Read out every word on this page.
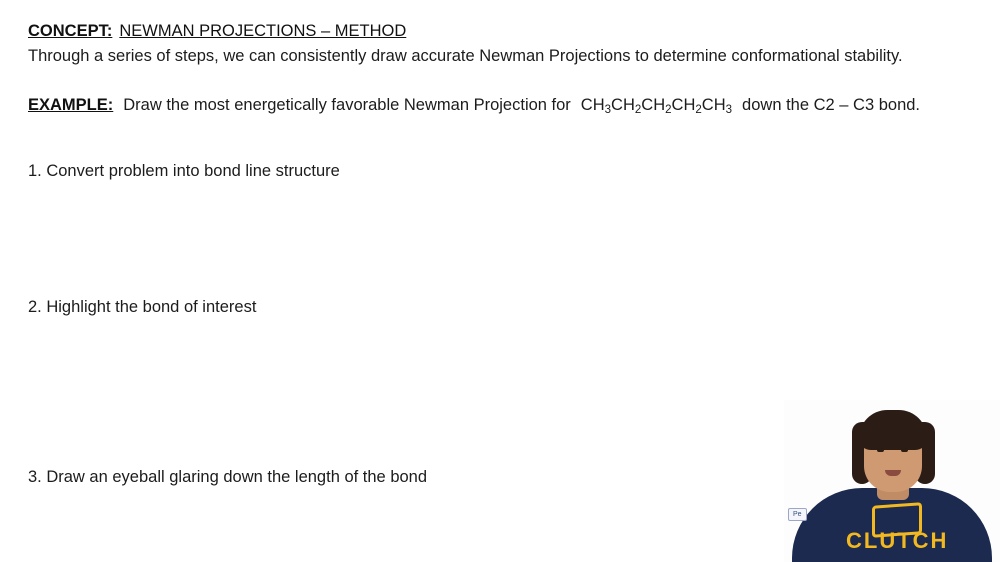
CONCEPT: NEWMAN PROJECTIONS – METHOD
Through a series of steps, we can consistently draw accurate Newman Projections to determine conformational stability.
EXAMPLE: Draw the most energetically favorable Newman Projection for $CH_3CH_2CH_2CH_2CH_3$ down the C2 – C3 bond.
1. Convert problem into bond line structure
2. Highlight the bond of interest
3. Draw an eyeball glaring down the length of the bond
CLUTCH
Pe
